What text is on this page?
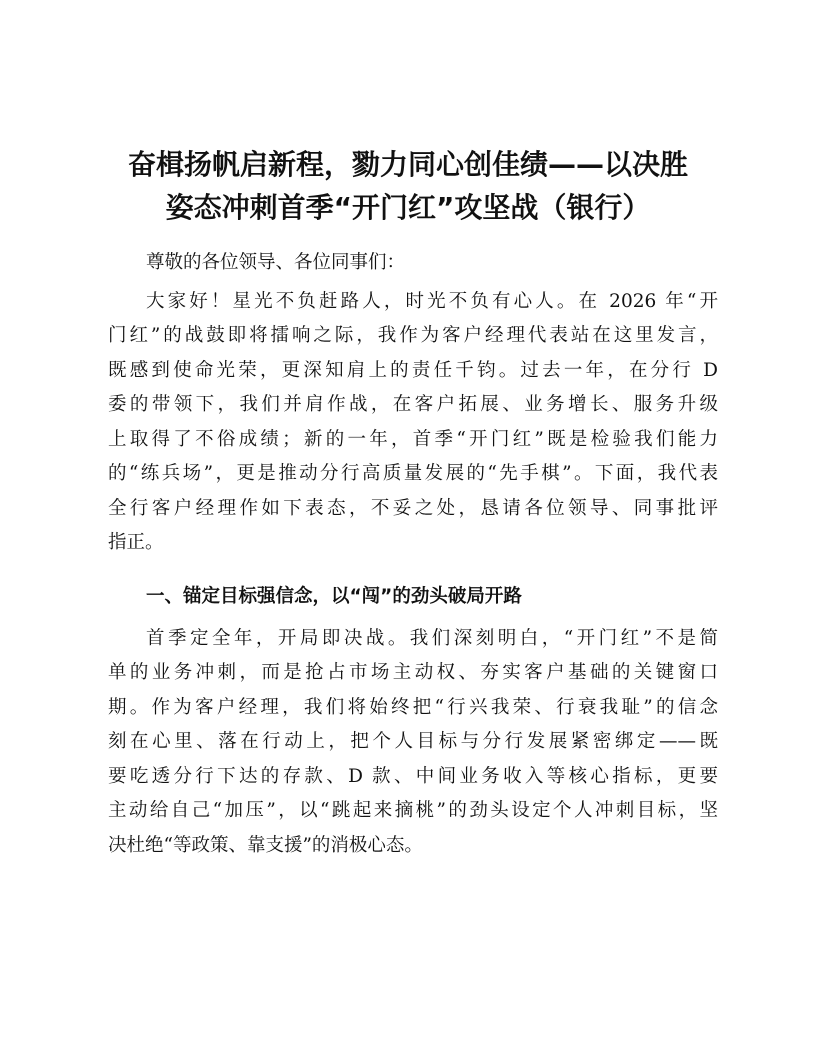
奋楫扬帆启新程，勠力同心创佳绩——以决胜
姿态冲刺首季“开门红”攻坚战（银行）

尊敬的各位领导、各位同事们：

大家好！星光不负赶路人，时光不负有心人。在 2026 年“开

门红”的战鼓即将擂响之际，我作为客户经理代表站在这里发言，

既感到使命光荣，更深知肩上的责任千钧。过去一年，在分行 D

委的带领下，我们并肩作战，在客户拓展、业务增长、服务升级

上取得了不俗成绩；新的一年，首季“开门红”既是检验我们能力

的“练兵场”，更是推动分行高质量发展的“先手棋”。下面，我代表

全行客户经理作如下表态，不妥之处，恳请各位领导、同事批评

指正。

一、锚定目标强信念，以“闯”的劲头破局开路

首季定全年，开局即决战。我们深刻明白，“开门红”不是简

单的业务冲刺，而是抢占市场主动权、夯实客户基础的关键窗口

期。作为客户经理，我们将始终把“行兴我荣、行衰我耻”的信念

刻在心里、落在行动上，把个人目标与分行发展紧密绑定——既

要吃透分行下达的存款、D 款、中间业务收入等核心指标，更要

主动给自己“加压”，以“跳起来摘桃”的劲头设定个人冲刺目标，坚

决杜绝“等政策、靠支援”的消极心态。
